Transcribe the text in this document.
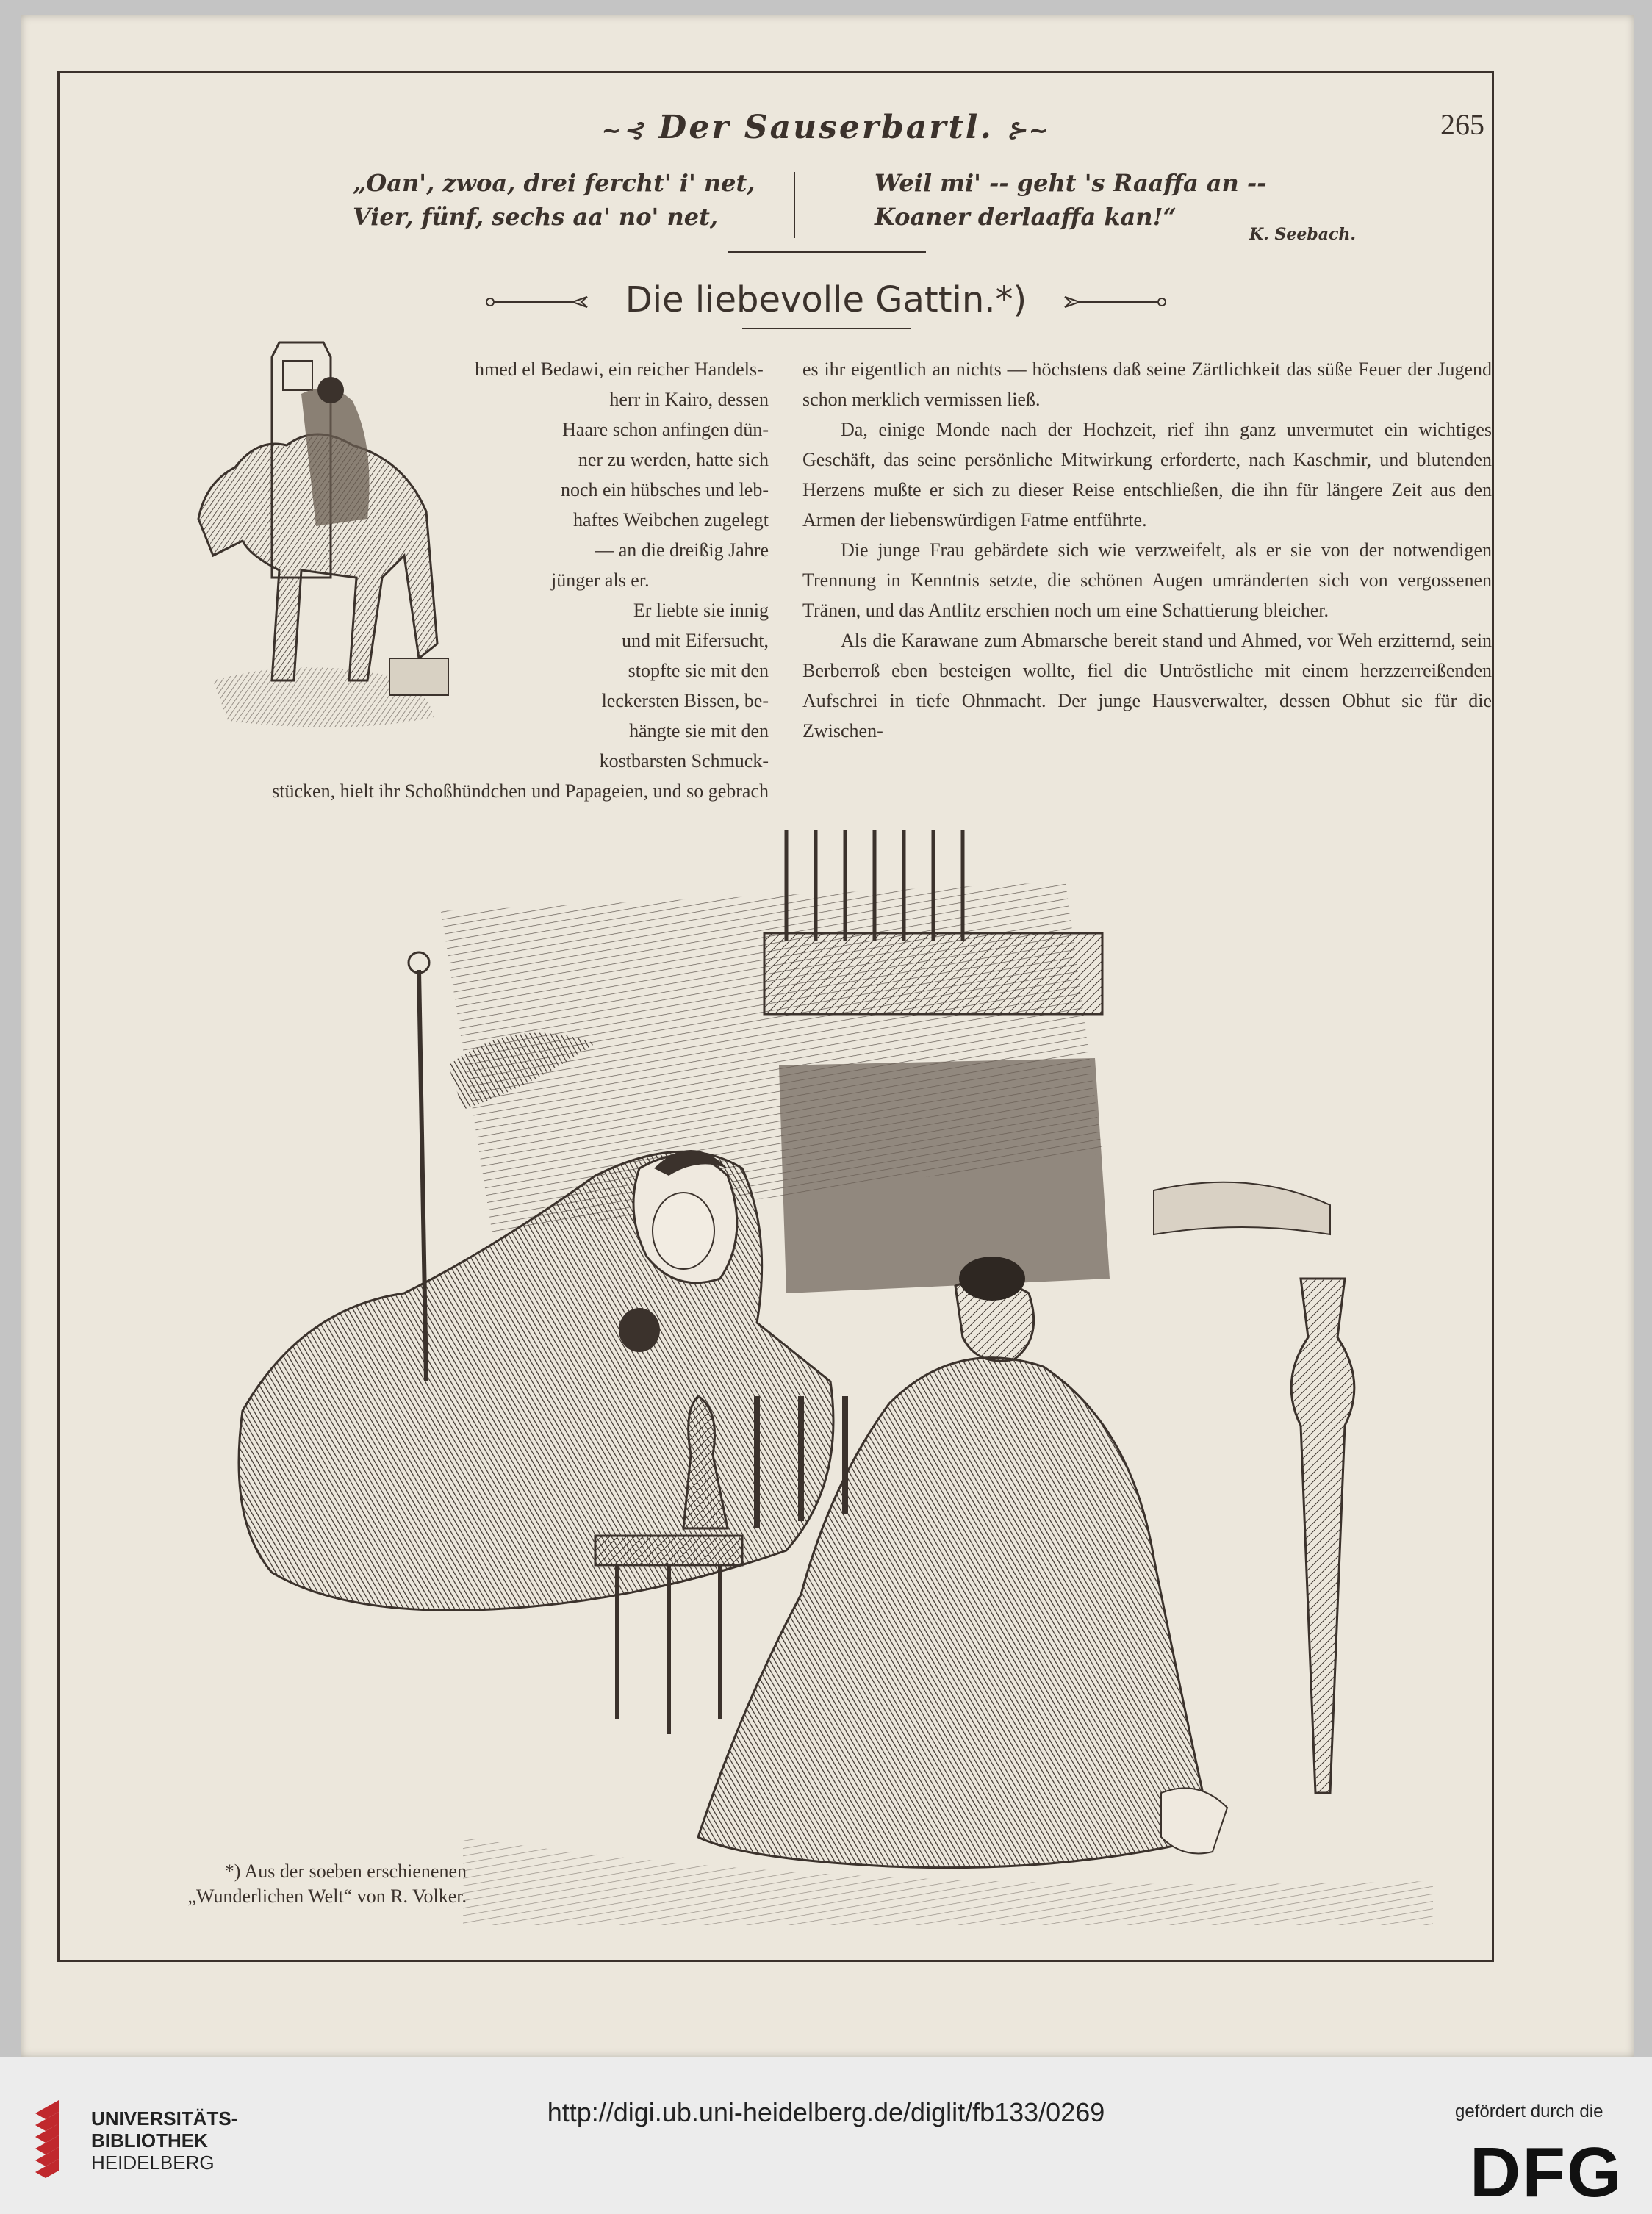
~⊰ Der Sauserbartl. ⊱~	265
„Oan', zwoa, drei fercht' i' net,
Vier, fünf, sechs aa' no' net,
Weil mi' -- geht 's Raaffa an --
Koaner derlaaffa kan!“
K. Seebach.
Die liebevolle Gattin.*)
hmed el Bedawi, ein reicher Handels-
herr in Kairo, dessen
Haare schon anfingen dün-
ner zu werden, hatte sich
noch ein hübsches und leb-
haftes Weibchen zugelegt
— an die dreißig Jahre
jünger als er.
Er liebte sie innig
und mit Eifersucht,
stopfte sie mit den
leckersten Bissen, be-
hängte sie mit den
kostbarsten Schmuck-
stücken, hielt ihr Schoßhündchen und Papageien, und so gebrach

es ihr eigentlich an nichts — höchstens daß seine Zärtlichkeit das süße Feuer der Jugend schon merklich vermissen ließ.

Da, einige Monde nach der Hochzeit, rief ihn ganz unvermutet ein wichtiges Geschäft, das seine persönliche Mitwirkung erforderte, nach Kaschmir, und blutenden Herzens mußte er sich zu dieser Reise entschließen, die ihn für längere Zeit aus den Armen der liebenswürdigen Fatme entführte.

Die junge Frau gebärdete sich wie verzweifelt, als er sie von der notwendigen Trennung in Kenntnis setzte, die schönen Augen umränderten sich von vergossenen Tränen, und das Antlitz erschien noch um eine Schattierung bleicher.

Als die Karawane zum Abmarsche bereit stand und Ahmed, vor Weh erzitternd, sein Berberroß eben besteigen wollte, fiel die Untröstliche mit einem herzzerreißenden Aufschrei in tiefe Ohnmacht. Der junge Hausverwalter, dessen Obhut sie für die Zwischen-

*) Aus der soeben erschienenen
„Wunderlichen Welt“ von R. Volker.
UNIVERSITÄTS-
BIBLIOTHEK
HEIDELBERG
http://digi.ub.uni-heidelberg.de/diglit/fb133/0269	gefördert durch die
DFG
